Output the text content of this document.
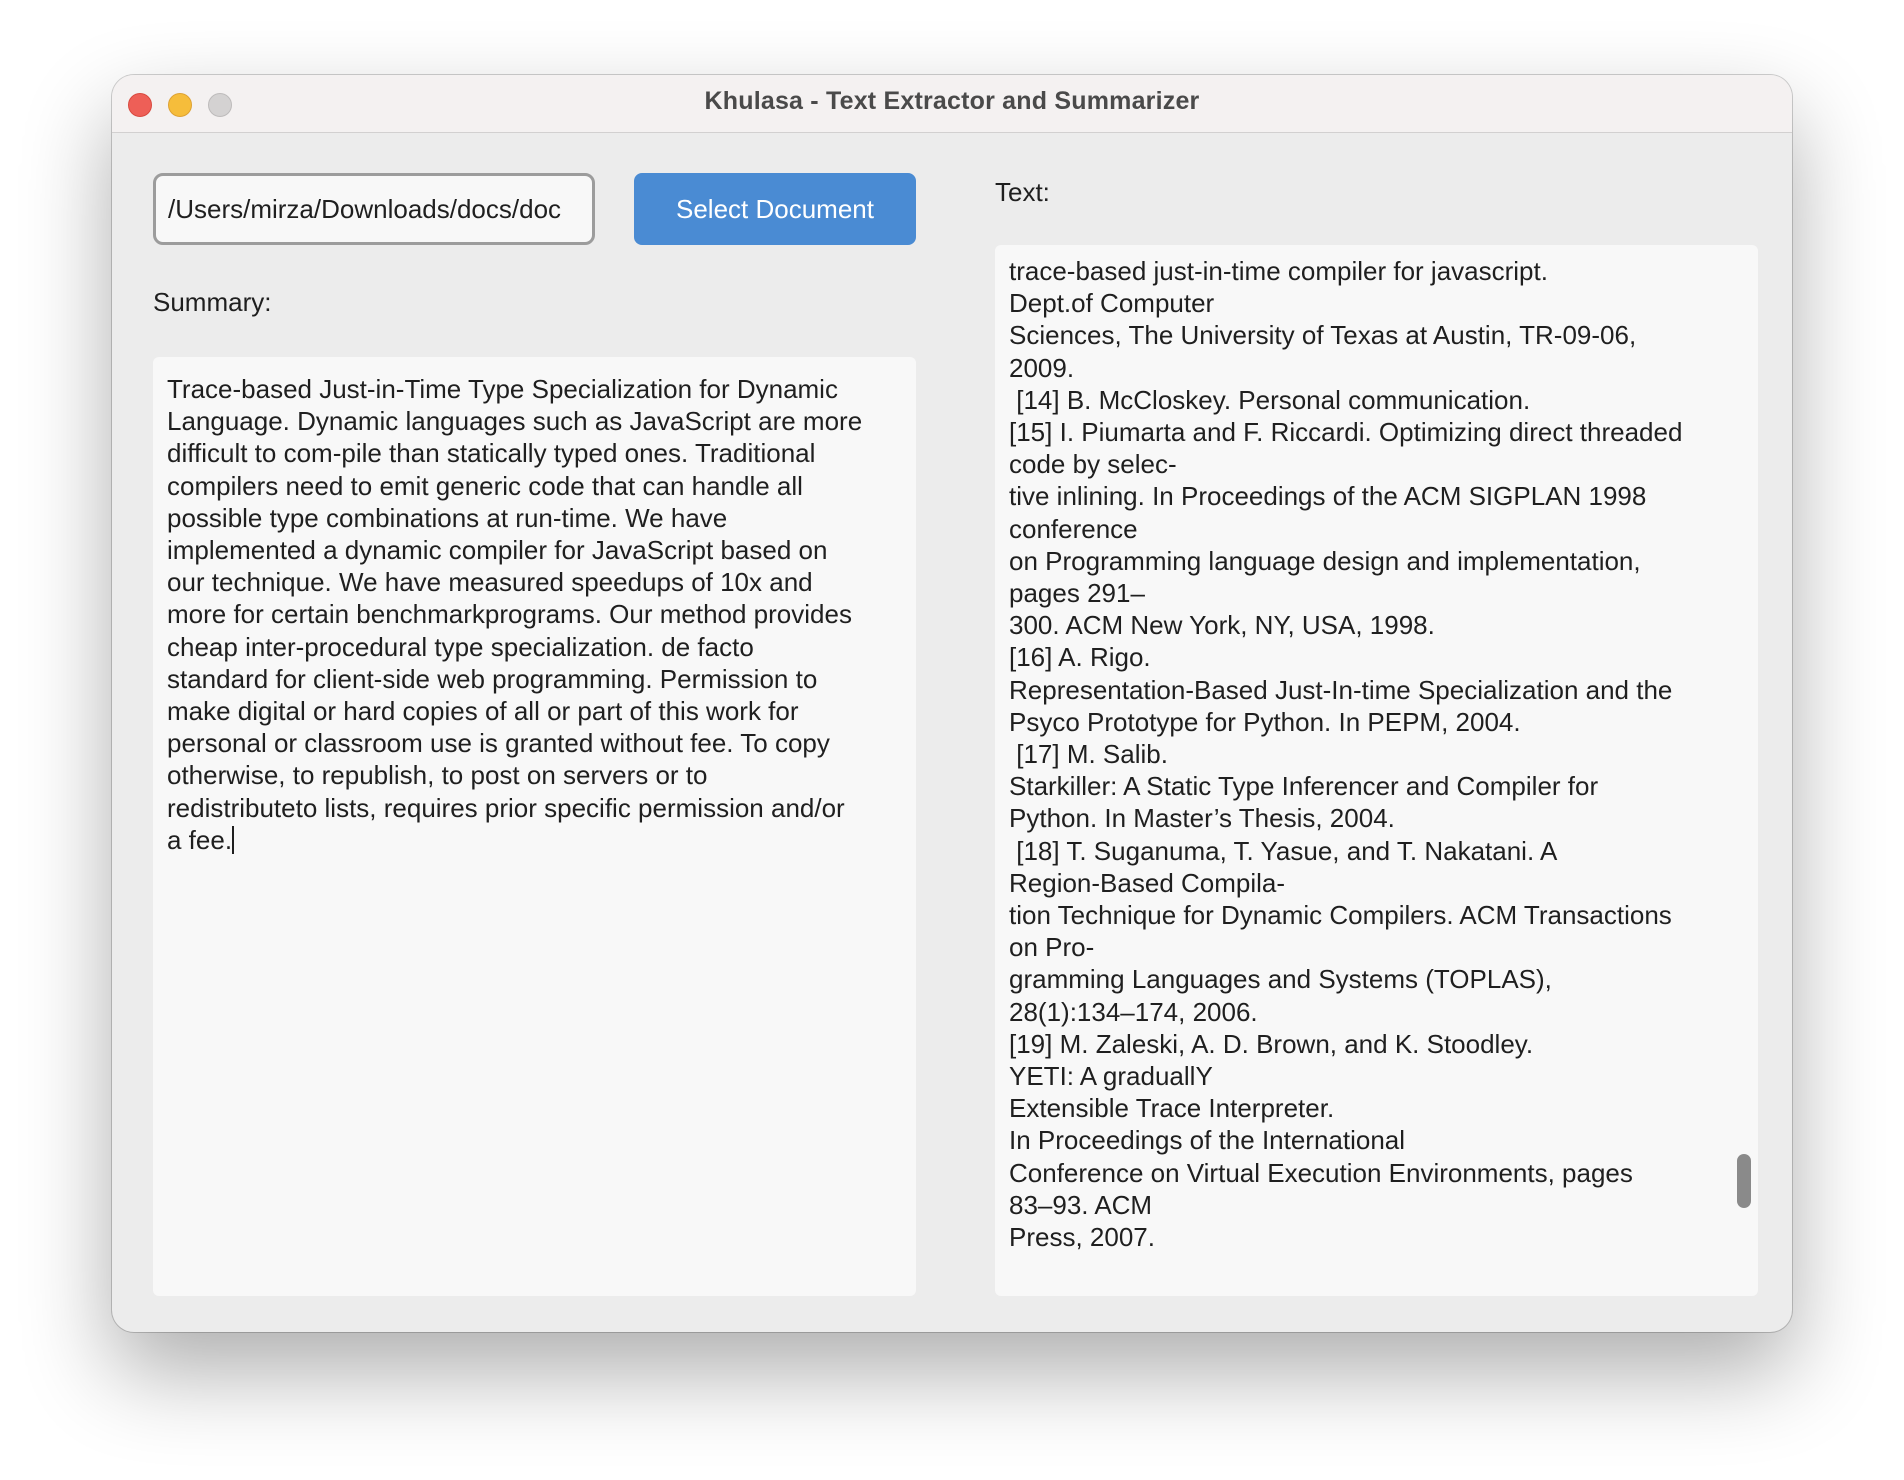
Khulasa - Text Extractor and Summarizer
/Users/mirza/Downloads/docs/doc
Select Document
Summary:
Text:
Trace-based Just-in-Time Type Specialization for Dynamic
Language. Dynamic languages such as JavaScript are more
difficult to com-pile than statically typed ones. Traditional
compilers need to emit generic code that can handle all
possible type combinations at run-time. We have
implemented a dynamic compiler for JavaScript based on
our technique. We have measured speedups of 10x and
more for certain benchmarkprograms. Our method provides
cheap inter-procedural type specialization. de facto
standard for client-side web programming. Permission to
make digital or hard copies of all or part of this work for
personal or classroom use is granted without fee. To copy
otherwise, to republish, to post on servers or to
redistributeto lists, requires prior specific permission and/or
a fee.
trace-based just-in-time compiler for javascript.
Dept.of Computer
Sciences, The University of Texas at Austin, TR-09-06,
2009.
[14] B. McCloskey. Personal communication.
[15] I. Piumarta and F. Riccardi. Optimizing direct threaded
code by selec-
tive inlining. In Proceedings of the ACM SIGPLAN 1998
conference
on Programming language design and implementation,
pages 291–
300. ACM New York, NY, USA, 1998.
[16] A. Rigo.
Representation-Based Just-In-time Specialization and the
Psyco Prototype for Python. In PEPM, 2004.
[17] M. Salib.
Starkiller: A Static Type Inferencer and Compiler for
Python. In Master’s Thesis, 2004.
[18] T. Suganuma, T. Yasue, and T. Nakatani. A
Region-Based Compila-
tion Technique for Dynamic Compilers. ACM Transactions
on Pro-
gramming Languages and Systems (TOPLAS),
28(1):134–174, 2006.
[19] M. Zaleski, A. D. Brown, and K. Stoodley.
YETI: A graduallY
Extensible Trace Interpreter.
In Proceedings of the International
Conference on Virtual Execution Environments, pages
83–93. ACM
Press, 2007.
